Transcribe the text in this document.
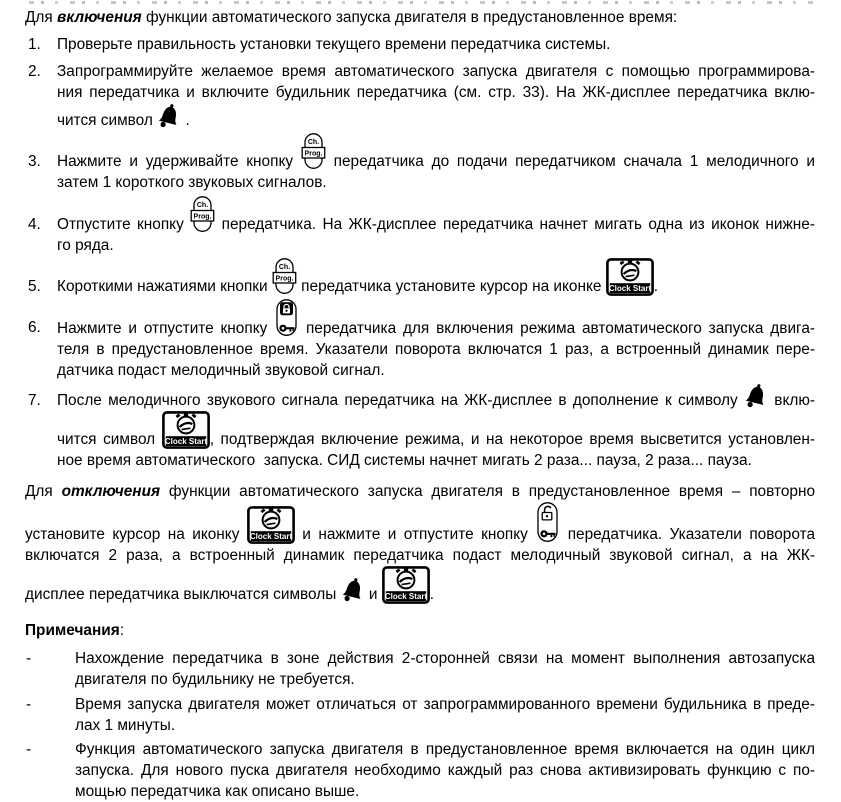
Для включения функции автоматического запуска двигателя в предустановленное время:

1.	Проверьте правильность установки текущего времени передатчика системы.
2.	Запрограммируйте желаемое время автоматического запуска двигателя с помощью программирова-
ния передатчика и включите будильник передатчика (см. стр. 33). На ЖК-дисплее передатчика вклю-
чится символ .
3.	Нажмите и удерживайте кнопку
Ch.
Prog. передатчика до подачи передатчиком сначала 1 мелодичного и
затем 1 короткого звуковых сигналов.
4.	Отпустите кнопку
Ch.
Prog. передатчика. На ЖК-дисплее передатчика начнет мигать одна из иконок нижне-
го ряда.
5.	Короткими нажатиями кнопки
Ch.
Prog. передатчика установите курсор на иконке Clock Start .
6.	Нажмите и отпустите кнопку	передатчика для включения режима автоматического запуска двига-
теля в предустановленное время. Указатели поворота включатся 1 раз, а встроенный динамик пере-
датчика подаст мелодичный звуковой сигнал.
7.	После мелодичного звукового сигнала передатчика на ЖК-дисплее в дополнение к символу вклю-
чится символ Clock Start , подтверждая включение режима, и на некоторое время высветится установлен-
ное время автоматического  запуска. СИД системы начнет мигать 2 раза... пауза, 2 раза... пауза.
Для отключения функции автоматического запуска двигателя в предустановленное время – повторно
установите курсор на иконку Clock Start и нажмите и отпустите кнопку	передатчика. Указатели поворота
включатся 2 раза, а встроенный динамик передатчика подаст мелодичный звуковой сигнал, а на ЖК-
дисплее передатчика выключатся символы и Clock Start .

Примечания:

-	Нахождение передатчика в зоне действия 2-сторонней связи на момент выполнения автозапуска
двигателя по будильнику не требуется.
-	Время запуска двигателя может отличаться от запрограммированного времени будильника в преде-
лах 1 минуты.
-	Функция автоматического запуска двигателя в предустановленное время включается на один цикл
запуска. Для нового пуска двигателя необходимо каждый раз снова активизировать функцию с по-
мощью передатчика как описано выше.
